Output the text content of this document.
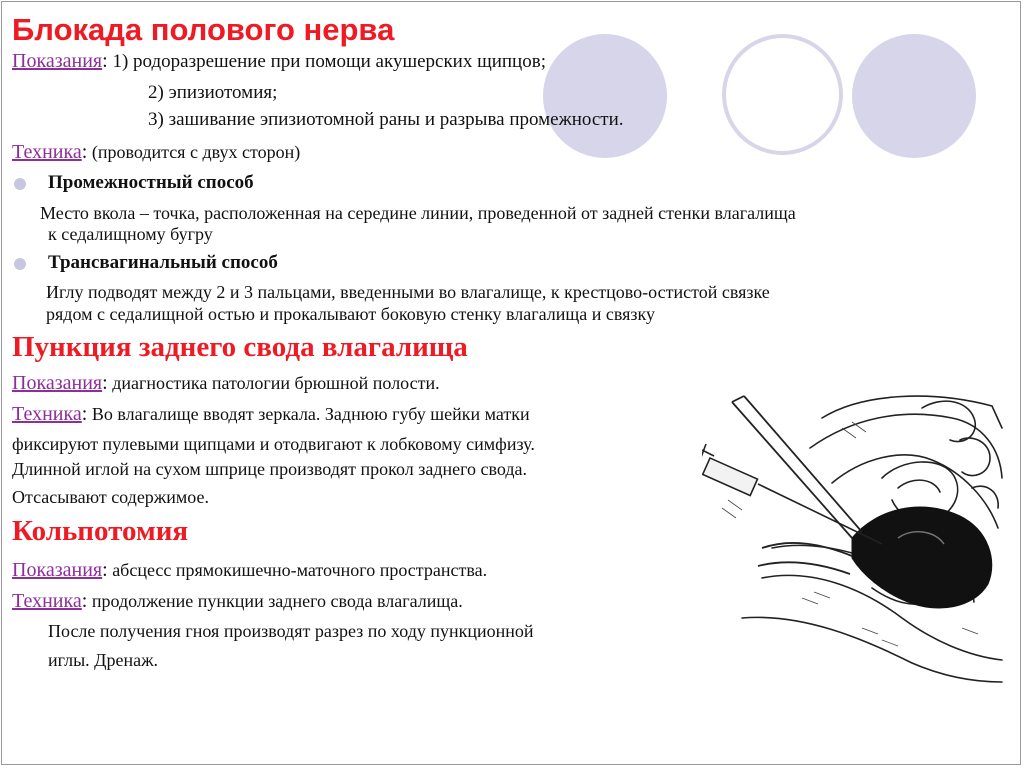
Блокада полового нерва
Показания: 1) родоразрешение при помощи акушерских щипцов;
2) эпизиотомия;
3) зашивание эпизиотомной раны и разрыва промежности.
Техника: (проводится с двух сторон)
Промежностный способ
Место вкола – точка, расположенная на середине линии, проведенной от задней стенки влагалища
к седалищному бугру
Трансвагинальный способ
Иглу подводят между 2 и 3 пальцами, введенными во влагалище, к крестцово-остистой связке
рядом с седалищной остью и прокалывают боковую стенку влагалища и связку
Пункция заднего свода влагалища
Показания: диагностика патологии брюшной полости.
Техника: Во влагалище вводят зеркала. Заднюю губу шейки матки
фиксируют пулевыми щипцами и отодвигают к лобковому симфизу.
Длинной иглой на сухом шприце производят прокол заднего свода.
Отсасывают содержимое.
Кольпотомия
Показания: абсцесс прямокишечно-маточного пространства.
Техника: продолжение пункции заднего свода влагалища.
После получения гноя производят разрез по ходу пункционной
иглы. Дренаж.
